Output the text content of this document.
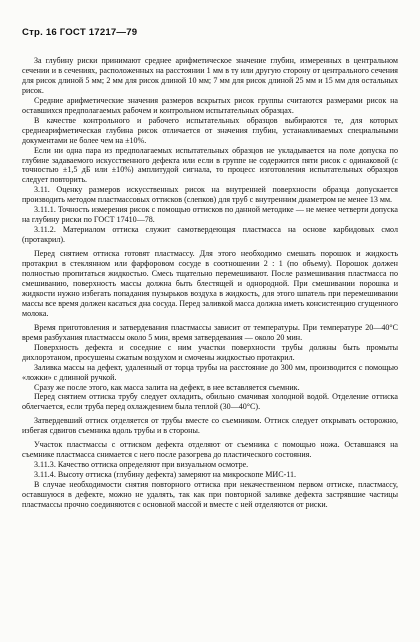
Стр. 16 ГОСТ 17217—79

За глубину риски принимают среднее арифметическое значение глубин, измеренных в центральном сечении и в сечениях, расположенных на расстоянии 1 мм в ту или другую сторону от центрального сечения для рисок длиной 5 мм; 2 мм для рисок длиной 10 мм; 7 мм для рисок длиной 25 мм и 15 мм для остальных рисок.

Средние арифметические значения размеров вскрытых рисок группы считаются размерами рисок на оставшихся предполагаемых рабочем и контрольном испытательных образцах.

В качестве контрольного и рабочего испытательных образцов выбираются те, для которых среднеарифметическая глубина рисок отличается от значения глубин, устанавливаемых специальными документами не более чем на ±10%.

Если ни одна пара из предполагаемых испытательных образцов не укладывается на поле допуска по глубине задаваемого искусственного дефекта или если в группе не содержится пяти рисок с одинаковой (с точностью ±1,5 дБ или ±10%) амплитудой сигнала, то процесс изготовления испытательных образцов следует повторить.

3.11. Оценку размеров искусственных рисок на внутренней поверхности образца допускается производить методом пластмассовых оттисков (слепков) для труб с внутренним диаметром не менее 13 мм.

3.11.1. Точность измерения рисок с помощью оттисков по данной методике — не менее четверти допуска на глубину риски по ГОСТ 17410—78.

3.11.2. Материалом оттиска служит самотвердеющая пластмасса на основе карбидовых смол (протакрил).

Перед снятием оттиска готовят пластмассу. Для этого необходимо смешать порошок и жидкость протакрил в стеклянном или фарфоровом сосуде в соотношении 2 : 1 (по объему). Порошок должен полностью пропитаться жидкостью. Смесь тщательно перемешивают. После размешивания пластмасса по смешиванию, поверхность массы должна быть блестящей и однородной. При смешивании порошка и жидкости нужно избегать попадания пузырьков воздуха в жидкость, для этого шпатель при перемешивании массы все время должен касаться дна сосуда. Перед заливкой масса должна иметь консистенцию сгущенного молока.

Время приготовления и затвердевания пластмассы зависит от температуры. При температуре 20—40°С время разбухания пластмассы около 5 мин, время затвердевания — около 20 мин.

Поверхность дефекта и соседние с ним участки поверхности трубы должны быть промыты дихлорэтаном, просушены сжатым воздухом и смочены жидкостью протакрил.

Заливка массы на дефект, удаленный от торца трубы на расстояние до 300 мм, производится с помощью «ложки» с длинной ручкой.

Сразу же после этого, как масса залита на дефект, в нее вставляется съемник.

Перед снятием оттиска трубу следует охладить, обильно смачивая холодной водой. Отделение оттиска облегчается, если труба перед охлаждением была теплой (30—40°С).

Затвердевший оттиск отделяется от трубы вместе со съемником. Оттиск следует открывать осторожно, избегая сдвигов съемника вдоль трубы и в стороны.

Участок пластмассы с оттиском дефекта отделяют от съемника с помощью ножа. Оставшаяся на съемнике пластмасса снимается с него после разогрева до пластического состояния.

3.11.3. Качество оттиска определяют при визуальном осмотре.

3.11.4. Высоту оттиска (глубину дефекта) замеряют на микроскопе МИС-11.

В случае необходимости снятия повторного оттиска при некачественном первом оттиске, пластмассу, оставшуюся в дефекте, можно не удалять, так как при повторной заливке дефекта застрявшие частицы пластмассы прочно соединяются с основной массой и вместе с ней отделяются от риски.
